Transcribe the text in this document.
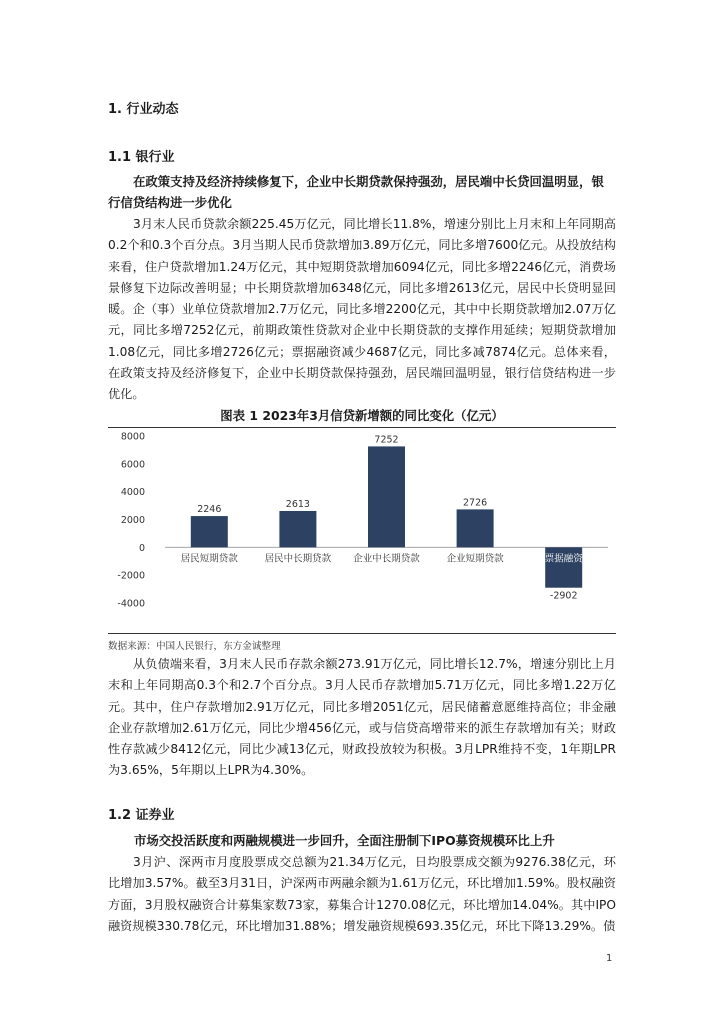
1. 行业动态
1.1 银行业
在政策支持及经济持续修复下，企业中长期贷款保持强劲，居民端中长贷回温明显，银行信贷结构进一步优化
3月末人民币贷款余额225.45万亿元，同比增长11.8%，增速分别比上月末和上年同期高0.2个和0.3个百分点。3月当期人民币贷款增加3.89万亿元，同比多增7600亿元。从投放结构来看，住户贷款增加1.24万亿元，其中短期贷款增加6094亿元，同比多增2246亿元，消费场景修复下边际改善明显；中长期贷款增加6348亿元，同比多增2613亿元，居民中长贷明显回暖。企（事）业单位贷款增加2.7万亿元，同比多增2200亿元，其中中长期贷款增加2.07万亿元，同比多增7252亿元，前期政策性贷款对企业中长期贷款的支撑作用延续；短期贷款增加1.08亿元，同比多增2726亿元；票据融资减少4687亿元，同比多减7874亿元。总体来看，在政策支持及经济修复下，企业中长期贷款保持强劲，居民端回温明显，银行信贷结构进一步优化。
图表 1 2023年3月信贷新增额的同比变化（亿元）
8000
6000
4000
2000
0
-2000
-4000
2246	2613
7252
2726
-2902
居民短期贷款	居民中长期贷款 企业中长期贷款	企业短期贷款	票据融资
数据来源：中国人民银行，东方金诚整理
从负债端来看，3月末人民币存款余额273.91万亿元，同比增长12.7%，增速分别比上月末和上年同期高0.3个和2.7个百分点。3月人民币存款增加5.71万亿元，同比多增1.22万亿元。其中，住户存款增加2.91万亿元，同比多增2051亿元，居民储蓄意愿维持高位；非金融企业存款增加2.61万亿元，同比少增456亿元，或与信贷高增带来的派生存款增加有关；财政性存款减少8412亿元，同比少减13亿元，财政投放较为积极。3月LPR维持不变，1年期LPR为3.65%，5年期以上LPR为4.30%。
1.2 证券业
市场交投活跃度和两融规模进一步回升，全面注册制下IPO募资规模环比上升
3月沪、深两市月度股票成交总额为21.34万亿元，日均股票成交额为9276.38亿元，环比增加3.57%。截至3月31日，沪深两市两融余额为1.61万亿元，环比增加1.59%。股权融资方面，3月股权融资合计募集家数73家，募集合计1270.08亿元，环比增加14.04%。其中IPO融资规模330.78亿元，环比增加31.88%；增发融资规模693.35亿元，环比下降13.29%。债
1
